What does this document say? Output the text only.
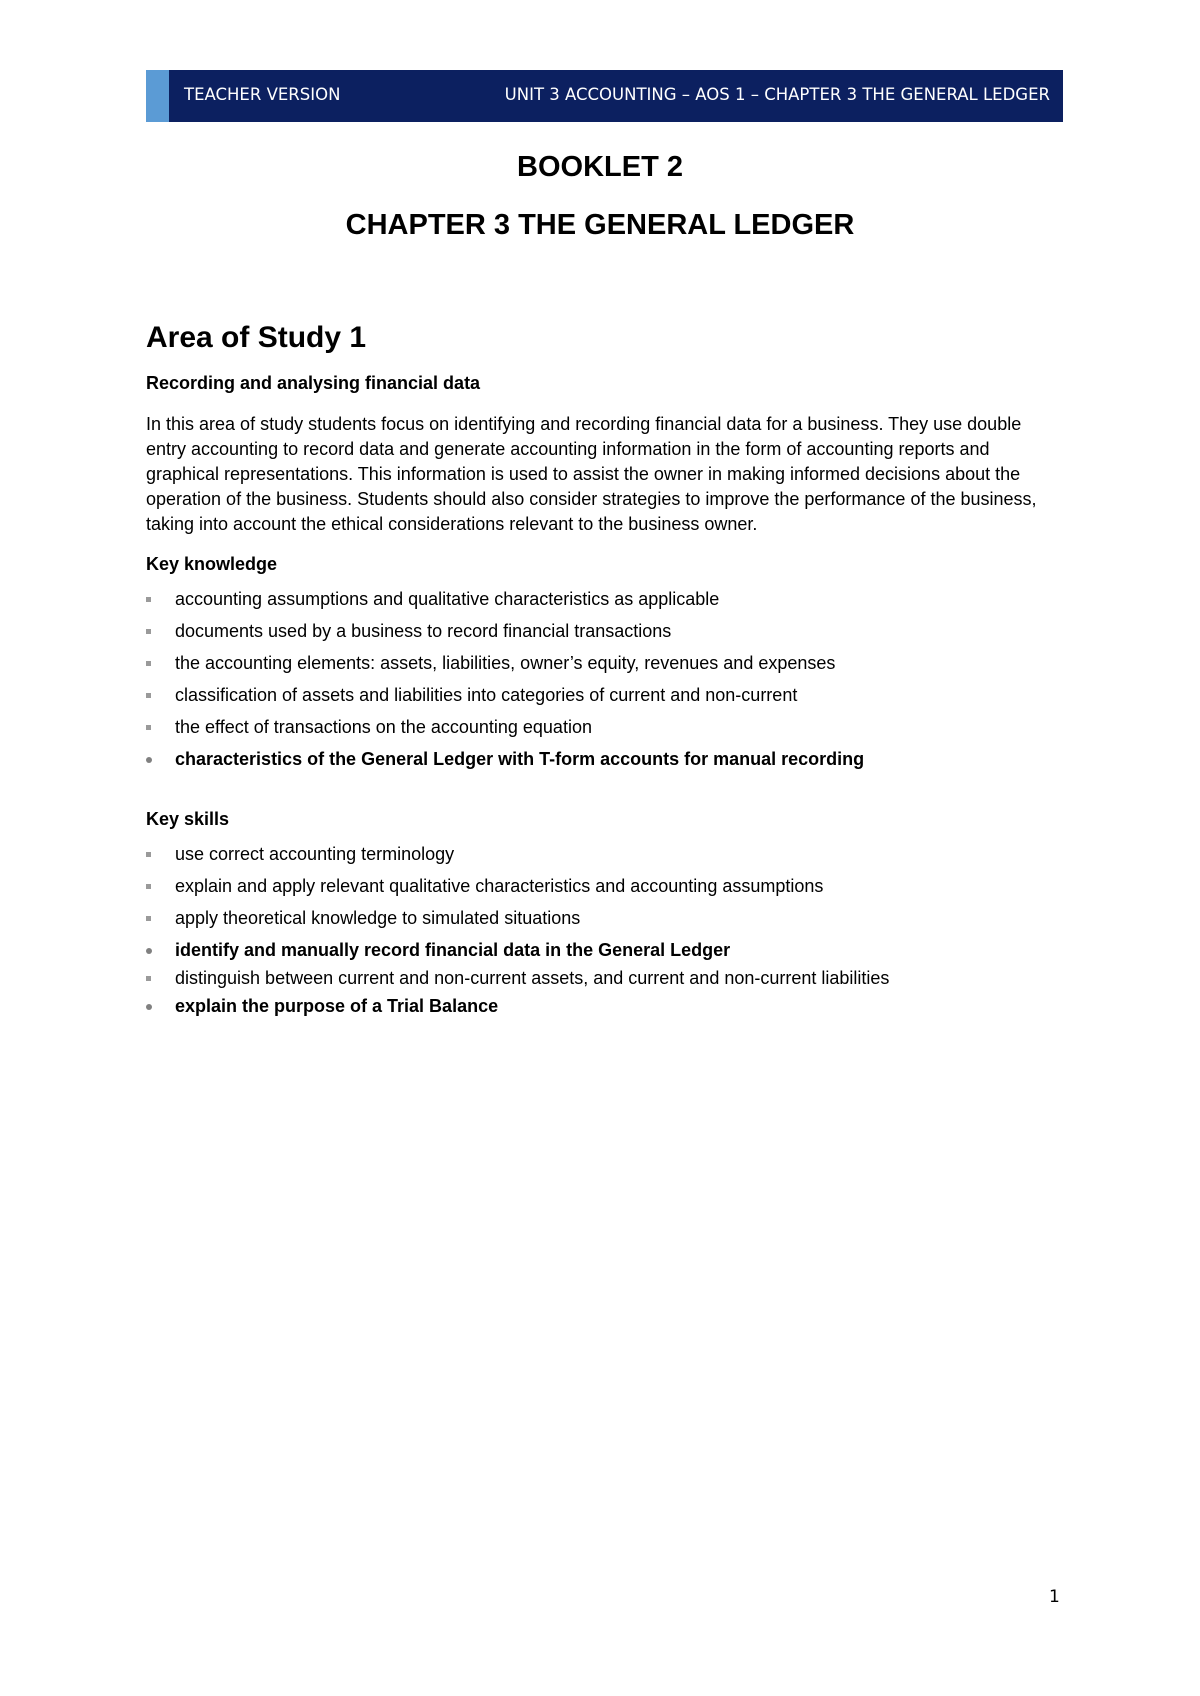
TEACHER VERSION	UNIT 3 ACCOUNTING – AOS 1 – CHAPTER 3 THE GENERAL LEDGER
BOOKLET 2
CHAPTER 3 THE GENERAL LEDGER
Area of Study 1
Recording and analysing financial data

In this area of study students focus on identifying and recording financial data for a business. They use double entry accounting to record data and generate accounting information in the form of accounting reports and graphical representations. This information is used to assist the owner in making informed decisions about the operation of the business. Students should also consider strategies to improve the performance of the business, taking into account the ethical considerations relevant to the business owner.

Key knowledge
accounting assumptions and qualitative characteristics as applicable
documents used by a business to record financial transactions
the accounting elements: assets, liabilities, owner’s equity, revenues and expenses
classification of assets and liabilities into categories of current and non-current
the effect of transactions on the accounting equation
characteristics of the General Ledger with T-form accounts for manual recording
Key skills
use correct accounting terminology
explain and apply relevant qualitative characteristics and accounting assumptions
apply theoretical knowledge to simulated situations
identify and manually record financial data in the General Ledger
distinguish between current and non-current assets, and current and non-current liabilities
explain the purpose of a Trial Balance
1
